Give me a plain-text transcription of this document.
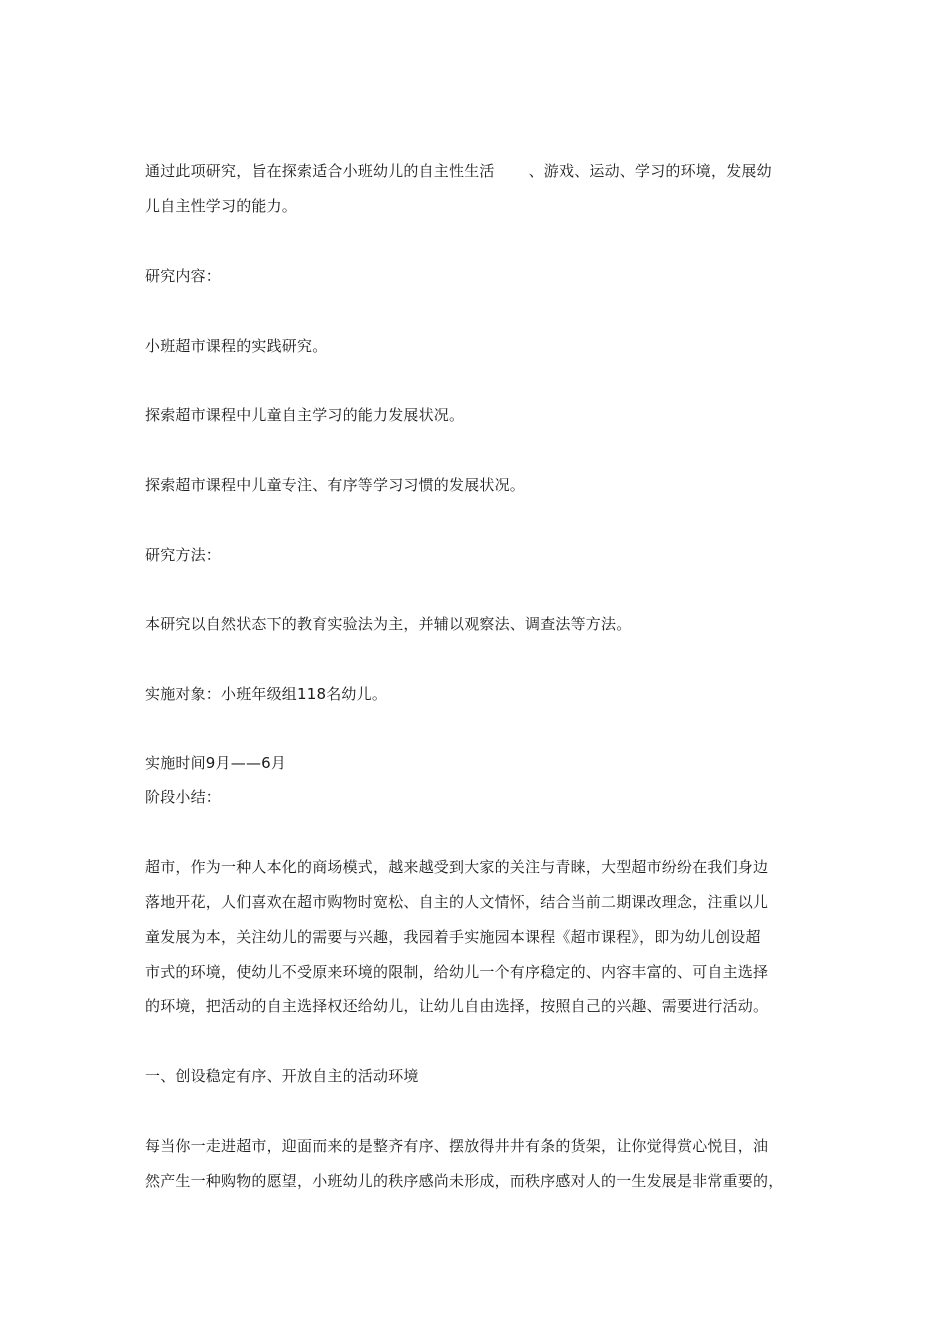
通过此项研究，旨在探索适合小班幼儿的自主性生活 、游戏、运动、学习的环境，发展幼
儿自主性学习的能力。
研究内容：
小班超市课程的实践研究。
探索超市课程中儿童自主学习的能力发展状况。
探索超市课程中儿童专注、有序等学习习惯的发展状况。
研究方法：
本研究以自然状态下的教育实验法为主，并辅以观察法、调查法等方法。
实施对象：小班年级组118名幼儿。
实施时间9月——6月
阶段小结：
超市，作为一种人本化的商场模式，越来越受到大家的关注与青睐，大型超市纷纷在我们身边
落地开花，人们喜欢在超市购物时宽松、自主的人文情怀，结合当前二期课改理念，注重以儿
童发展为本，关注幼儿的需要与兴趣，我园着手实施园本课程《超市课程》，即为幼儿创设超
市式的环境，使幼儿不受原来环境的限制，给幼儿一个有序稳定的、内容丰富的、可自主选择
的环境，把活动的自主选择权还给幼儿，让幼儿自由选择，按照自己的兴趣、需要进行活动。
一、创设稳定有序、开放自主的活动环境
每当你一走进超市，迎面而来的是整齐有序、摆放得井井有条的货架，让你觉得赏心悦目，油
然产生一种购物的愿望，小班幼儿的秩序感尚未形成，而秩序感对人的一生发展是非常重要的，
